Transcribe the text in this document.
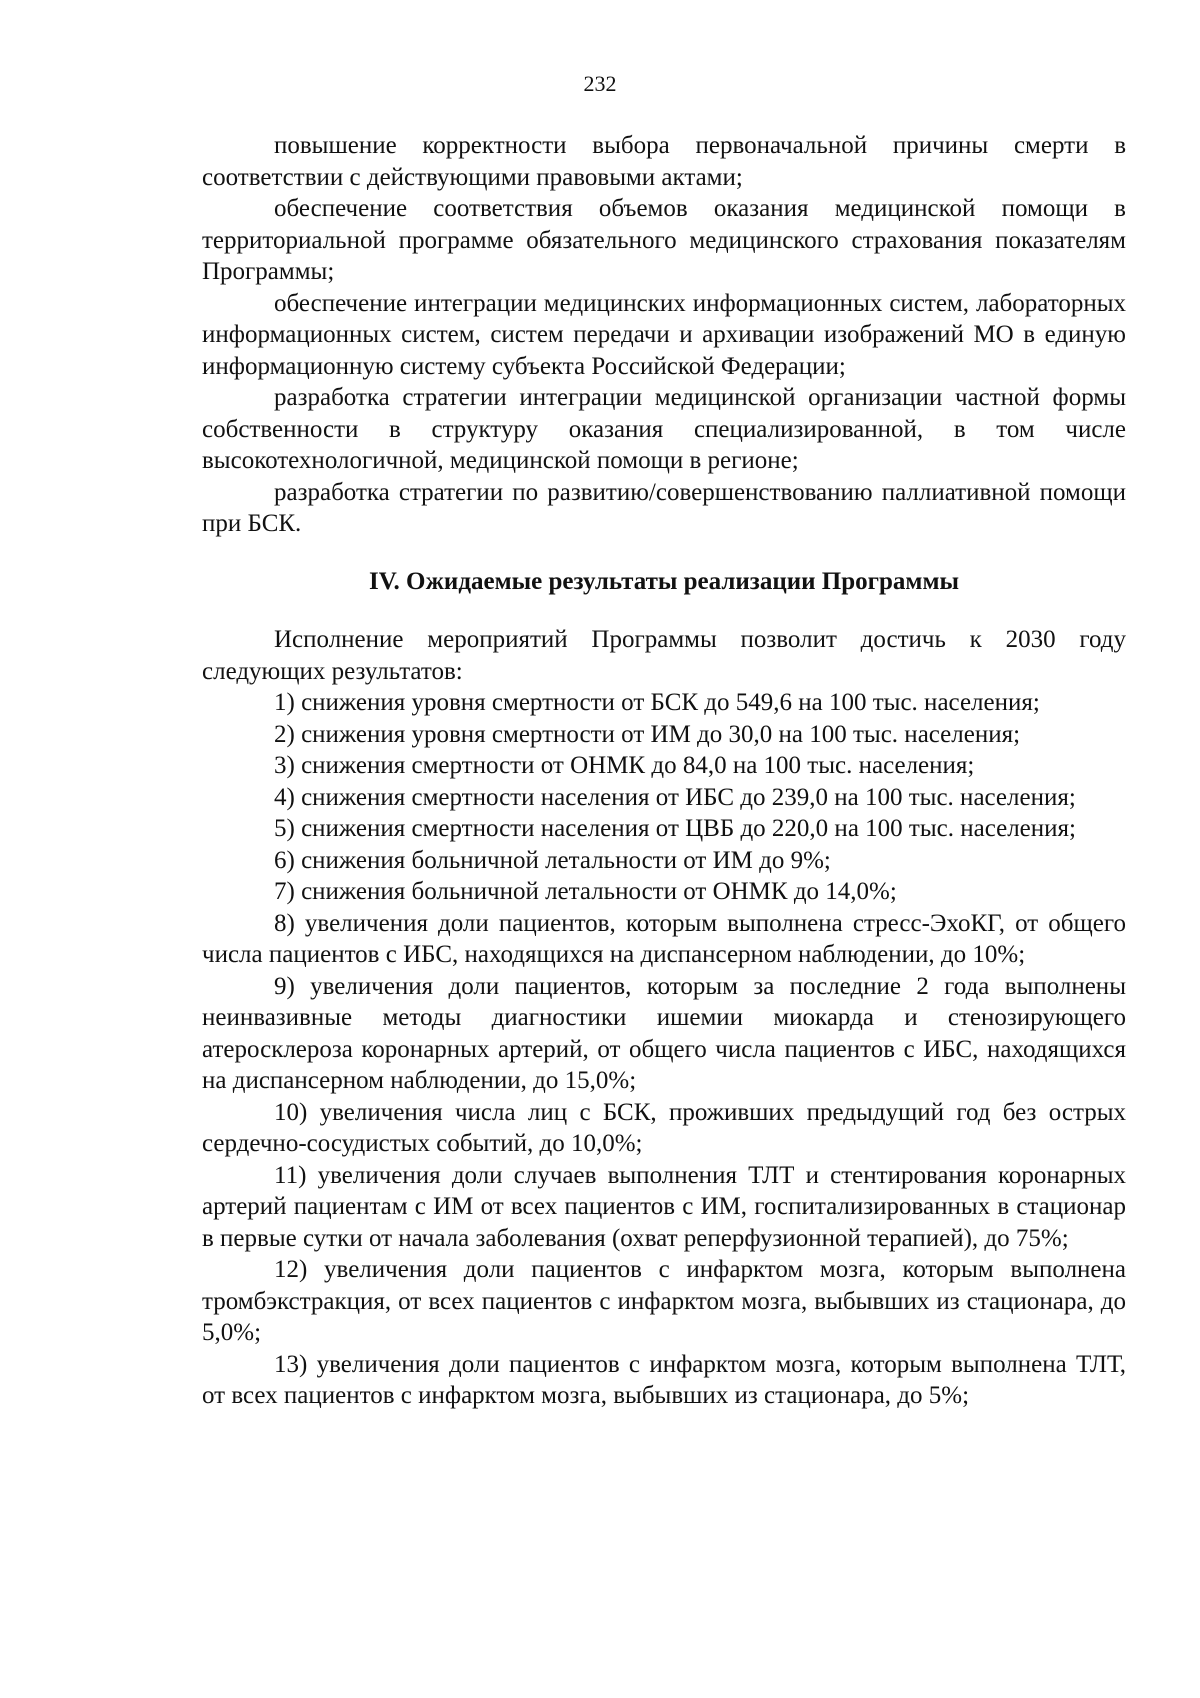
232

повышение корректности выбора первоначальной причины смерти в соответствии с действующими правовыми актами;

обеспечение соответствия объемов оказания медицинской помощи в территориальной программе обязательного медицинского страхования показателям Программы;

обеспечение интеграции медицинских информационных систем, лабораторных информационных систем, систем передачи и архивации изображений МО в единую информационную систему субъекта Российской Федерации;

разработка стратегии интеграции медицинской организации частной формы собственности в структуру оказания специализированной, в том числе высокотехнологичной, медицинской помощи в регионе;

разработка стратегии по развитию/совершенствованию паллиативной помощи при БСК.

IV. Ожидаемые результаты реализации Программы

Исполнение мероприятий Программы позволит достичь к 2030 году следующих результатов:

1) снижения уровня смертности от БСК до 549,6 на 100 тыс. населения;

2) снижения уровня смертности от ИМ до 30,0 на 100 тыс. населения;

3) снижения смертности от ОНМК до 84,0 на 100 тыс. населения;

4) снижения смертности населения от ИБС до 239,0 на 100 тыс. населения;

5) снижения смертности населения от ЦВБ до 220,0 на 100 тыс. населения;

6) снижения больничной летальности от ИМ до 9%;

7) снижения больничной летальности от ОНМК до 14,0%;

8) увеличения доли пациентов, которым выполнена стресс-ЭхоКГ, от общего числа пациентов с ИБС, находящихся на диспансерном наблюдении, до 10%;

9) увеличения доли пациентов, которым за последние 2 года выполнены неинвазивные методы диагностики ишемии миокарда и стенозирующего атеросклероза коронарных артерий, от общего числа пациентов с ИБС, находящихся на диспансерном наблюдении, до 15,0%;

10) увеличения числа лиц с БСК, проживших предыдущий год без острых сердечно-сосудистых событий, до 10,0%;

11) увеличения доли случаев выполнения ТЛТ и стентирования коронарных артерий пациентам с ИМ от всех пациентов с ИМ, госпитализированных в стационар в первые сутки от начала заболевания (охват реперфузионной терапией), до 75%;

12) увеличения доли пациентов с инфарктом мозга, которым выполнена тромбэкстракция, от всех пациентов с инфарктом мозга, выбывших из стационара, до 5,0%;

13) увеличения доли пациентов с инфарктом мозга, которым выполнена ТЛТ, от всех пациентов с инфарктом мозга, выбывших из стационара, до 5%;
